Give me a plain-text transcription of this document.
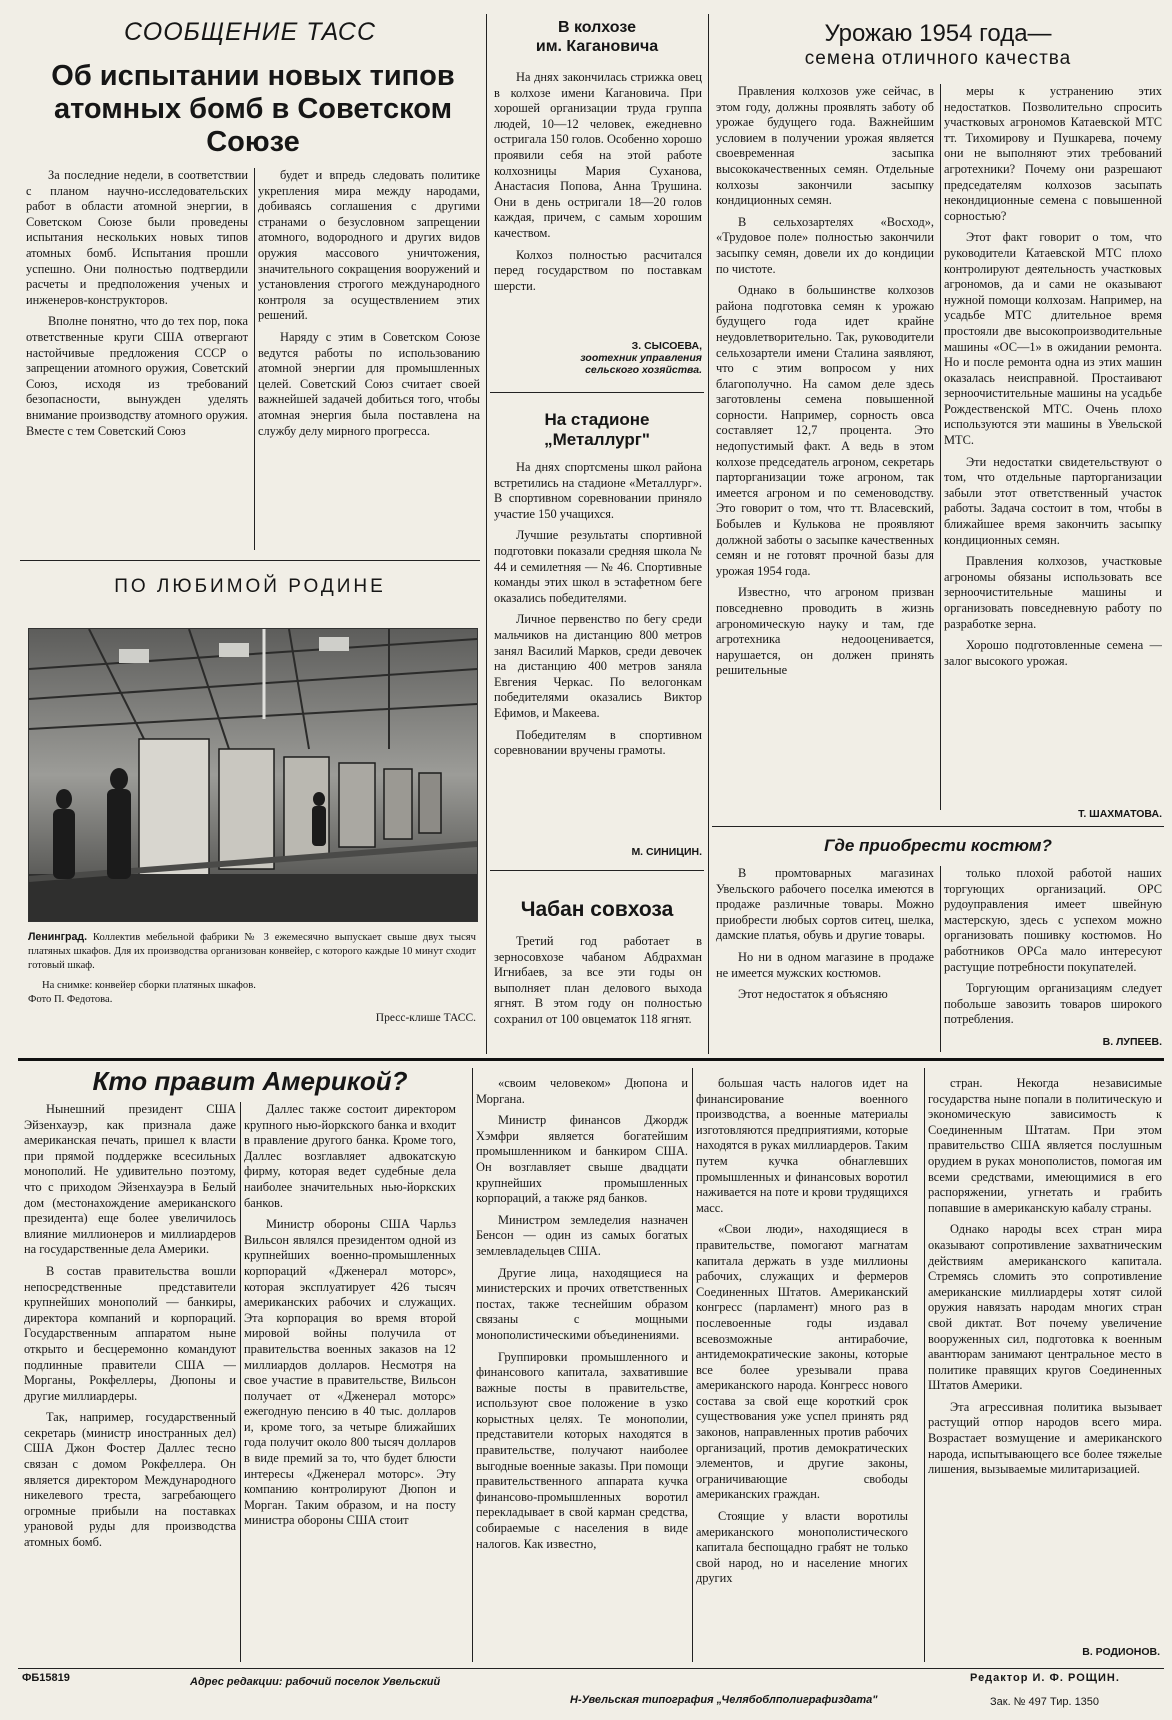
СООБЩЕНИЕ ТАСС
Об испытании новых типов
атомных бомб в Советском
Союзе

За последние недели, в соответствии с планом научно-исследовательских работ в области атомной энергии, в Советском Союзе были проведены испытания нескольких новых типов атомных бомб. Испытания прошли успешно. Они полностью подтвердили расчеты и предположения ученых и инженеров-конструкторов.

Вполне понятно, что до тех пор, пока ответственные круги США отвергают настойчивые предложения СССР о запрещении атомного оружия, Советский Союз, исходя из требований безопасности, вынужден уделять внимание производству атомного оружия. Вместе с тем Советский Союз

будет и впредь следовать политике укрепления мира между народами, добиваясь соглашения с другими странами о безусловном запрещении атомного, водородного и других видов оружия массового уничтожения, значительного сокращения вооружений и установления строгого международного контроля за осуществлением этих решений.

Наряду с этим в Советском Союзе ведутся работы по использованию атомной энергии для промышленных целей. Советский Союз считает своей важнейшей задачей добиться того, чтобы атомная энергия была поставлена на службу делу мирного прогресса.

ПО ЛЮБИМОЙ РОДИНЕ

Ленинград. Коллектив мебельной фабрики № 3 ежемесячно выпускает свыше двух тысяч платяных шкафов. Для их производства организован конвейер, с которого каждые 10 минут сходит готовый шкаф.

На снимке: конвейер сборки платяных шкафов.

Фото П. Федотова.

Пресс-клише ТАСС.

В колхозе
им. Кагановича

На днях закончилась стрижка овец в колхозе имени Кагановича. При хорошей организации труда группа людей, 10—12 человек, ежедневно остригала 150 голов. Особенно хорошо проявили себя на этой работе колхозницы Мария Суханова, Анастасия Попова, Анна Трушина. Они в день остригали 18—20 голов каждая, причем, с самым хорошим качеством.

Колхоз полностью расчитался перед государством по поставкам шерсти.

З. СЫСОЕВА,
зоотехник управления
сельского хозяйства.
На стадионе
„Металлург"

На днях спортсмены школ района встретились на стадионе «Металлург». В спортивном соревновании приняло участие 150 учащихся.

Лучшие результаты спортивной подготовки показали средняя школа № 44 и семилетняя — № 46. Спортивные команды этих школ в эстафетном беге оказались победителями.

Личное первенство по бегу среди мальчиков на дистанцию 800 метров занял Василий Марков, среди девочек на дистанцию 400 метров заняла Евгения Черкас. По велогонкам победителями оказались Виктор Ефимов, и Макеева.

Победителям в спортивном соревновании вручены грамоты.

М. СИНИЦИН.

Чабан совхоза

Третий год работает в зерносовхозе чабаном Абдрахман Игнибаев, за все эти годы он выполняет план делового выхода ягнят. В этом году он полностью сохранил от 100 овцематок 118 ягнят.

Урожаю 1954 года—
семена отличного качества

Правления колхозов уже сейчас, в этом году, должны проявлять заботу об урожае будущего года. Важнейшим условием в получении урожая является своевременная засыпка высококачественных семян. Отдельные колхозы закончили засыпку кондиционных семян.

В сельхозартелях «Восход», «Трудовое поле» полностью закончили засыпку семян, довели их до кондиции по чистоте.

Однако в большинстве колхозов района подготовка семян к урожаю будущего года идет крайне неудовлетворительно. Так, руководители сельхозартели имени Сталина заявляют, что с этим вопросом у них благополучно. На самом деле здесь заготовлены семена повышенной сорности. Например, сорность овса составляет 12,7 процента. Это недопустимый факт. А ведь в этом колхозе председатель агроном, секретарь парторганизации тоже агроном, так имеется агроном и по семеноводству. Это говорит о том, что тт. Власевский, Бобылев и Кулькова не проявляют должной заботы о засыпке качественных семян и не готовят прочной базы для урожая 1954 года.

Известно, что агроном призван повседневно проводить в жизнь агрономическую науку и там, где агротехника недооценивается, нарушается, он должен принять решительные

меры к устранению этих недостатков. Позволительно спросить участковых агрономов Катаевской МТС тт. Тихомирову и Пушкарева, почему они не выполняют этих требований агротехники? Почему они разрешают председателям колхозов засыпать некондиционные семена с повышенной сорностью?

Этот факт говорит о том, что руководители Катаевской МТС плохо контролируют деятельность участковых агрономов, да и сами не оказывают нужной помощи колхозам. Например, на усадьбе МТС длительное время простояли две высокопроизводительные машины «ОС—1» в ожидании ремонта. Но и после ремонта одна из этих машин оказалась неисправной. Простаивают зерноочистительные машины на усадьбе Рождественской МТС. Очень плохо используются эти машины в Увельской МТС.

Эти недостатки свидетельствуют о том, что отдельные парторганизации забыли этот ответственный участок работы. Задача состоит в том, чтобы в ближайшее время закончить засыпку кондиционных семян.

Правления колхозов, участковые агрономы обязаны использовать все зерноочистительные машины и организовать повседневную работу по разработке зерна.

Хорошо подготовленные семена — залог высокого урожая.

Т. ШАХМАТОВА.

Где приобрести костюм?

В промтоварных магазинах Увельского рабочего поселка имеются в продаже различные товары. Можно приобрести любых сортов ситец, шелка, дамские платья, обувь и другие товары.

Но ни в одном магазине в продаже не имеется мужских костюмов.

Этот недостаток я объясняю

только плохой работой наших торгующих организаций. ОРС рудоуправления имеет швейную мастерскую, здесь с успехом можно организовать пошивку костюмов. Но работников ОРСа мало интересуют растущие потребности покупателей.

Торгующим организациям следует побольше завозить товаров широкого потребления.

В. ЛУПЕЕВ.

Кто правит Америкой?

Нынешний президент США Эйзенхауэр, как признала даже американская печать, пришел к власти при прямой поддержке всесильных монополий. Не удивительно поэтому, что с приходом Эйзенхауэра в Белый дом (местонахождение американского президента) еще более увеличилось влияние миллионеров и миллиардеров на государственные дела Америки.

В состав правительства вошли непосредственные представители крупнейших монополий — банкиры, директора компаний и корпораций. Государственным аппаратом ныне открыто и бесцеремонно командуют подлинные правители США — Морганы, Рокфеллеры, Дюпоны и другие миллиардеры.

Так, например, государственный секретарь (министр иностранных дел) США Джон Фостер Даллес тесно связан с домом Рокфеллера. Он является директором Международного никелевого треста, загребающего огромные прибыли на поставках урановой руды для производства атомных бомб.

Даллес также состоит директором крупного нью-йоркского банка и входит в правление другого банка. Кроме того, Даллес возглавляет адвокатскую фирму, которая ведет судебные дела наиболее значительных нью-йоркских банков.

Министр обороны США Чарльз Вильсон являлся президентом одной из крупнейших военно-промышленных корпораций «Дженерал моторс», которая эксплуатирует 426 тысяч американских рабочих и служащих. Эта корпорация во время второй мировой войны получила от правительства военных заказов на 12 миллиардов долларов. Несмотря на свое участие в правительстве, Вильсон получает от «Дженерал моторс» ежегодную пенсию в 40 тыс. долларов и, кроме того, за четыре ближайших года получит около 800 тысяч долларов в виде премий за то, что будет блюсти интересы «Дженерал моторс». Эту компанию контролируют Дюпон и Морган. Таким образом, и на посту министра обороны США стоит

«своим человеком» Дюпона и Моргана.

Министр финансов Джордж Хэмфри является богатейшим промышленником и банкиром США. Он возглавляет свыше двадцати крупнейших промышленных корпораций, а также ряд банков.

Министром земледелия назначен Бенсон — один из самых богатых землевладельцев США.

Другие лица, находящиеся на министерских и прочих ответственных постах, также теснейшим образом связаны с мощными монополистическими объединениями.

Группировки промышленного и финансового капитала, захватившие важные посты в правительстве, используют свое положение в узко корыстных целях. Те монополии, представители которых находятся в правительстве, получают наиболее выгодные военные заказы. При помощи правительственного аппарата кучка финансово-промышленных воротил перекладывает в свой карман средства, собираемые с населения в виде налогов. Как известно,

большая часть налогов идет на финансирование военного производства, а военные материалы изготовляются предприятиями, которые находятся в руках миллиардеров. Таким путем кучка обнаглевших промышленных и финансовых воротил наживается на поте и крови трудящихся масс.

«Свои люди», находящиеся в правительстве, помогают магнатам капитала держать в узде миллионы рабочих, служащих и фермеров Соединенных Штатов. Американский конгресс (парламент) много раз в послевоенные годы издавал всевозможные антирабочие, антидемократические законы, которые все более урезывали права американского народа. Конгресс нового состава за свой еще короткий срок существования уже успел принять ряд законов, направленных против рабочих организаций, против демократических элементов, и другие законы, ограничивающие свободы американских граждан.

Стоящие у власти воротилы американского монополистического капитала беспощадно грабят не только свой народ, но и население многих других

стран. Некогда независимые государства ныне попали в политическую и экономическую зависимость к Соединенным Штатам. При этом правительство США является послушным орудием в руках монополистов, помогая им всеми средствами, имеющимися в его распоряжении, угнетать и грабить попавшие в американскую кабалу страны.

Однако народы всех стран мира оказывают сопротивление захватническим действиям американского капитала. Стремясь сломить это сопротивление американские миллиардеры хотят силой оружия навязать народам многих стран свой диктат. Вот почему увеличение вооруженных сил, подготовка к военным авантюрам занимают центральное место в политике правящих кругов Соединенных Штатов Америки.

Эта агрессивная политика вызывает растущий отпор народов всего мира. Возрастает возмущение и американского народа, испытывающего все более тяжелые лишения, вызываемые милитаризацией.

В. РОДИОНОВ.

ФБ15819	Адрес редакции: рабочий поселок Увельский
Н-Увельская типография „Челябоблполиграфиздата"
Редактор И. Ф. РОЩИН.
Зак. № 497 Тир. 1350
